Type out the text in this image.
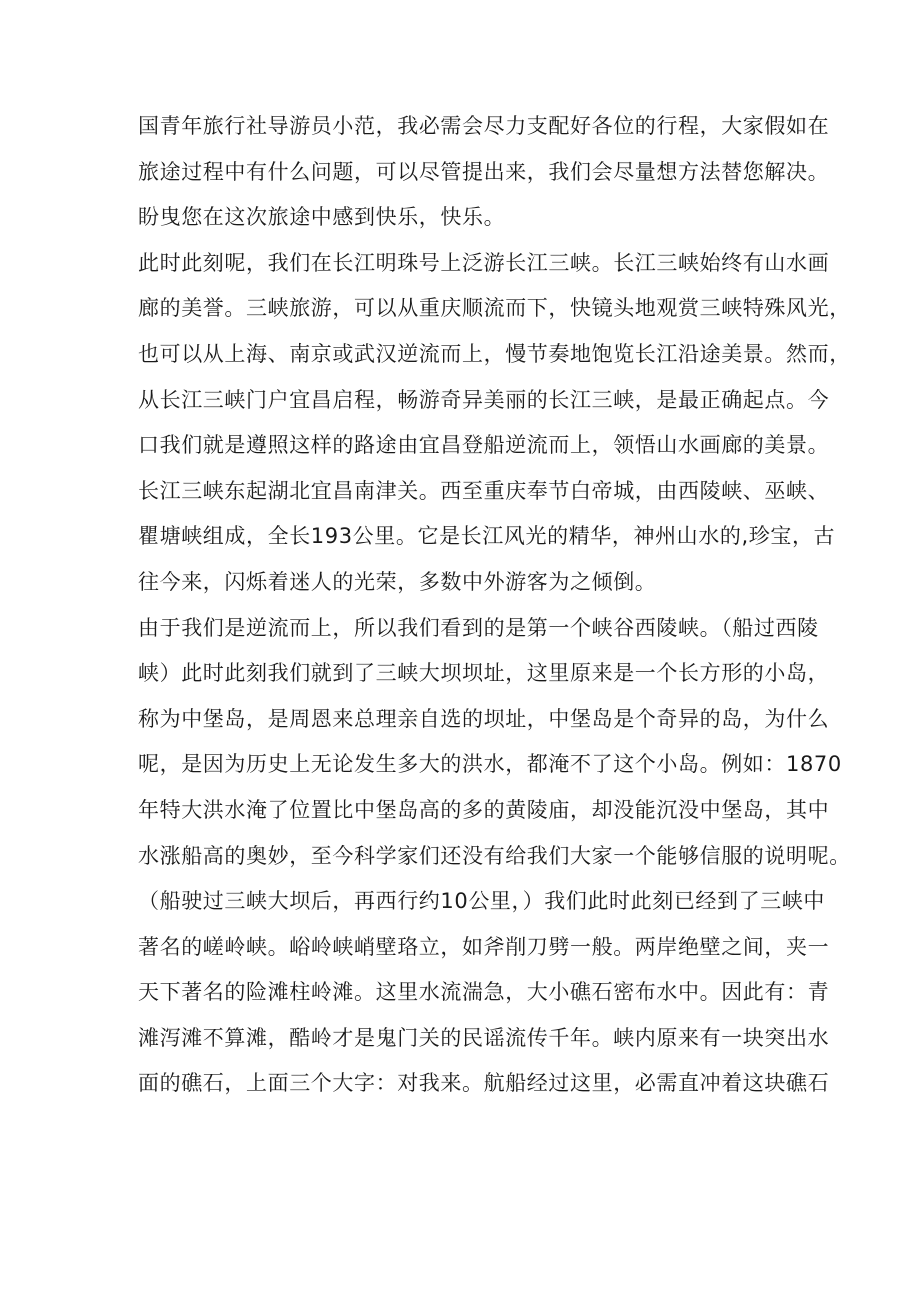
国青年旅行社导游员小范，我必需会尽力支配好各位的行程，大家假如在
旅途过程中有什么问题，可以尽管提出来，我们会尽量想方法替您解决。
盼曳您在这次旅途中感到快乐，快乐。
此时此刻呢，我们在长江明珠号上泛游长江三峡。长江三峡始终有山水画
廊的美誉。三峡旅游，可以从重庆顺流而下，快镜头地观赏三峡特殊风光，
也可以从上海、南京或武汉逆流而上，慢节奏地饱览长江沿途美景。然而，
从长江三峡门户宜昌启程，畅游奇异美丽的长江三峡，是最正确起点。今
口我们就是遵照这样的路途由宜昌登船逆流而上，领悟山水画廊的美景。
长江三峡东起湖北宜昌南津关。西至重庆奉节白帝城，由西陵峡、巫峡、
瞿塘峡组成，全长193公里。它是长江风光的精华，神州山水的,珍宝，古
往今来，闪烁着迷人的光荣，多数中外游客为之倾倒。
由于我们是逆流而上，所以我们看到的是第一个峡谷西陵峡。（船过西陵
峡）此时此刻我们就到了三峡大坝坝址，这里原来是一个长方形的小岛，
称为中堡岛，是周恩来总理亲自选的坝址，中堡岛是个奇异的岛，为什么
呢，是因为历史上无论发生多大的洪水，都淹不了这个小岛。例如：1870
年特大洪水淹了位置比中堡岛高的多的黄陵庙，却没能沉没中堡岛，其中
水涨船高的奥妙，至今科学家们还没有给我们大家一个能够信服的说明呢。
（船驶过三峡大坝后，再西行约10公里，）我们此时此刻已经到了三峡中
著名的嵯岭峡。峪岭峡峭壁珞立，如斧削刀劈一般。两岸绝壁之间，夹一
天下著名的险滩柱岭滩。这里水流湍急，大小礁石密布水中。因此有：青
滩泻滩不算滩，酷岭才是鬼门关的民谣流传千年。峡内原来有一块突出水
面的礁石，上面三个大字：对我来。航船经过这里，必需直冲着这块礁石
